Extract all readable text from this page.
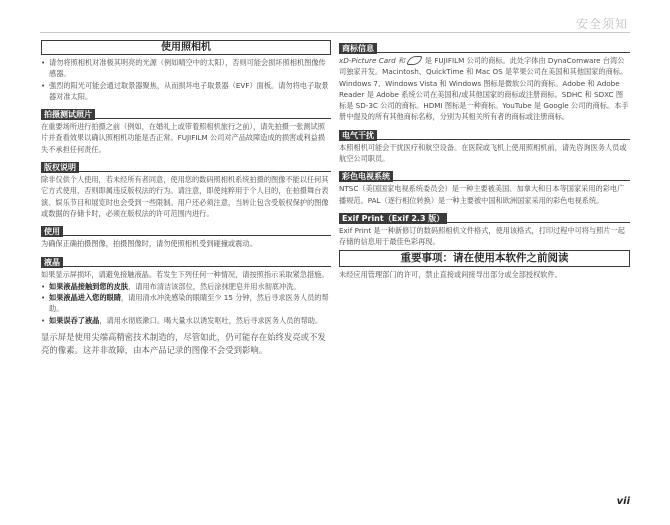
安全须知
使用照相机
• 请勿将照相机对准极其明亮的光源（例如晴空中的太阳），否则可能会损坏照相机图像传感器。
• 强烈的阳光可能会通过取景器聚焦，从而损坏电子取景器（EVF）面板。请勿将电子取景器对准太阳。
拍摄测试照片

在重要场所进行拍摄之前（例如，在婚礼上或带着照相机旅行之前），请先拍摄一张测试照片并查看效果以确认照相机功能是否正常。FUJIFILM 公司对产品故障造成的损害或利益损失不承担任何责任。

版权说明

除非仅供个人使用，若未经所有者同意，使用您的数码照相机系统拍摄的图像不能以任何其它方式使用，否则即属违反版权法的行为。请注意，即使纯粹用于个人目的，在拍摄舞台表演、娱乐节目和展览时也会受到一些限制。用户还必须注意，当转让包含受版权保护的图像或数据的存储卡时，必须在版权法的许可范围内进行。

使用

为确保正确拍摄图像，拍摄图像时，请勿使照相机受到碰撞或震动。

液晶

如果显示屏损坏，请避免接触液晶。若发生下列任何一种情况，请按照指示采取紧急措施。

• 如果液晶接触到您的皮肤，请用布清洁该部位，然后涂抹肥皂并用水彻底冲洗。
• 如果液晶进入您的眼睛，请用清水冲洗感染的眼睛至少 15 分钟，然后寻求医务人员的帮助。
• 如果误吞了液晶，请用水彻底漱口。喝大量水以诱发呕吐，然后寻求医务人员的帮助。

显示屏是使用尖端高精密技术制造的，尽管如此，仍可能存在始终发亮或不发亮的像素。这并非故障，由本产品记录的图像不会受到影响。

商标信息

xD-Picture Card 和	是 FUJIFILM 公司的商标。此处字体由 DynaComware 台湾公司独家开发。Macintosh、QuickTime 和 Mac OS 是苹果公司在美国和其他国家的商标。Windows 7、Windows Vista 和 Windows 图标是微软公司的商标。Adobe 和 Adobe Reader 是 Adobe 系统公司在美国和/或其他国家的商标或注册商标。SDHC 和 SDXC 图标是 SD-3C 公司的商标。HDMI 图标是一种商标。YouTube 是 Google 公司的商标。本手册中提及的所有其他商标名称，分别为其相关所有者的商标或注册商标。

电气干扰

本照相机可能会干扰医疗和航空设备。在医院或飞机上使用照相机前，请先咨询医务人员或航空公司职员。

彩色电视系统

NTSC（美国国家电视系统委员会）是一种主要被美国、加拿大和日本等国家采用的彩电广播规范。PAL（逐行相位转换）是一种主要被中国和欧洲国家采用的彩色电视系统。

Exif Print（Exif 2.3 版）

Exif Print 是一种新修订的数码照相机文件格式，使用该格式，打印过程中可将与照片一起存储的信息用于最佳色彩再现。

重要事项：请在使用本软件之前阅读

未经应用管理部门的许可，禁止直接或间接导出部分或全部授权软件。

vii
